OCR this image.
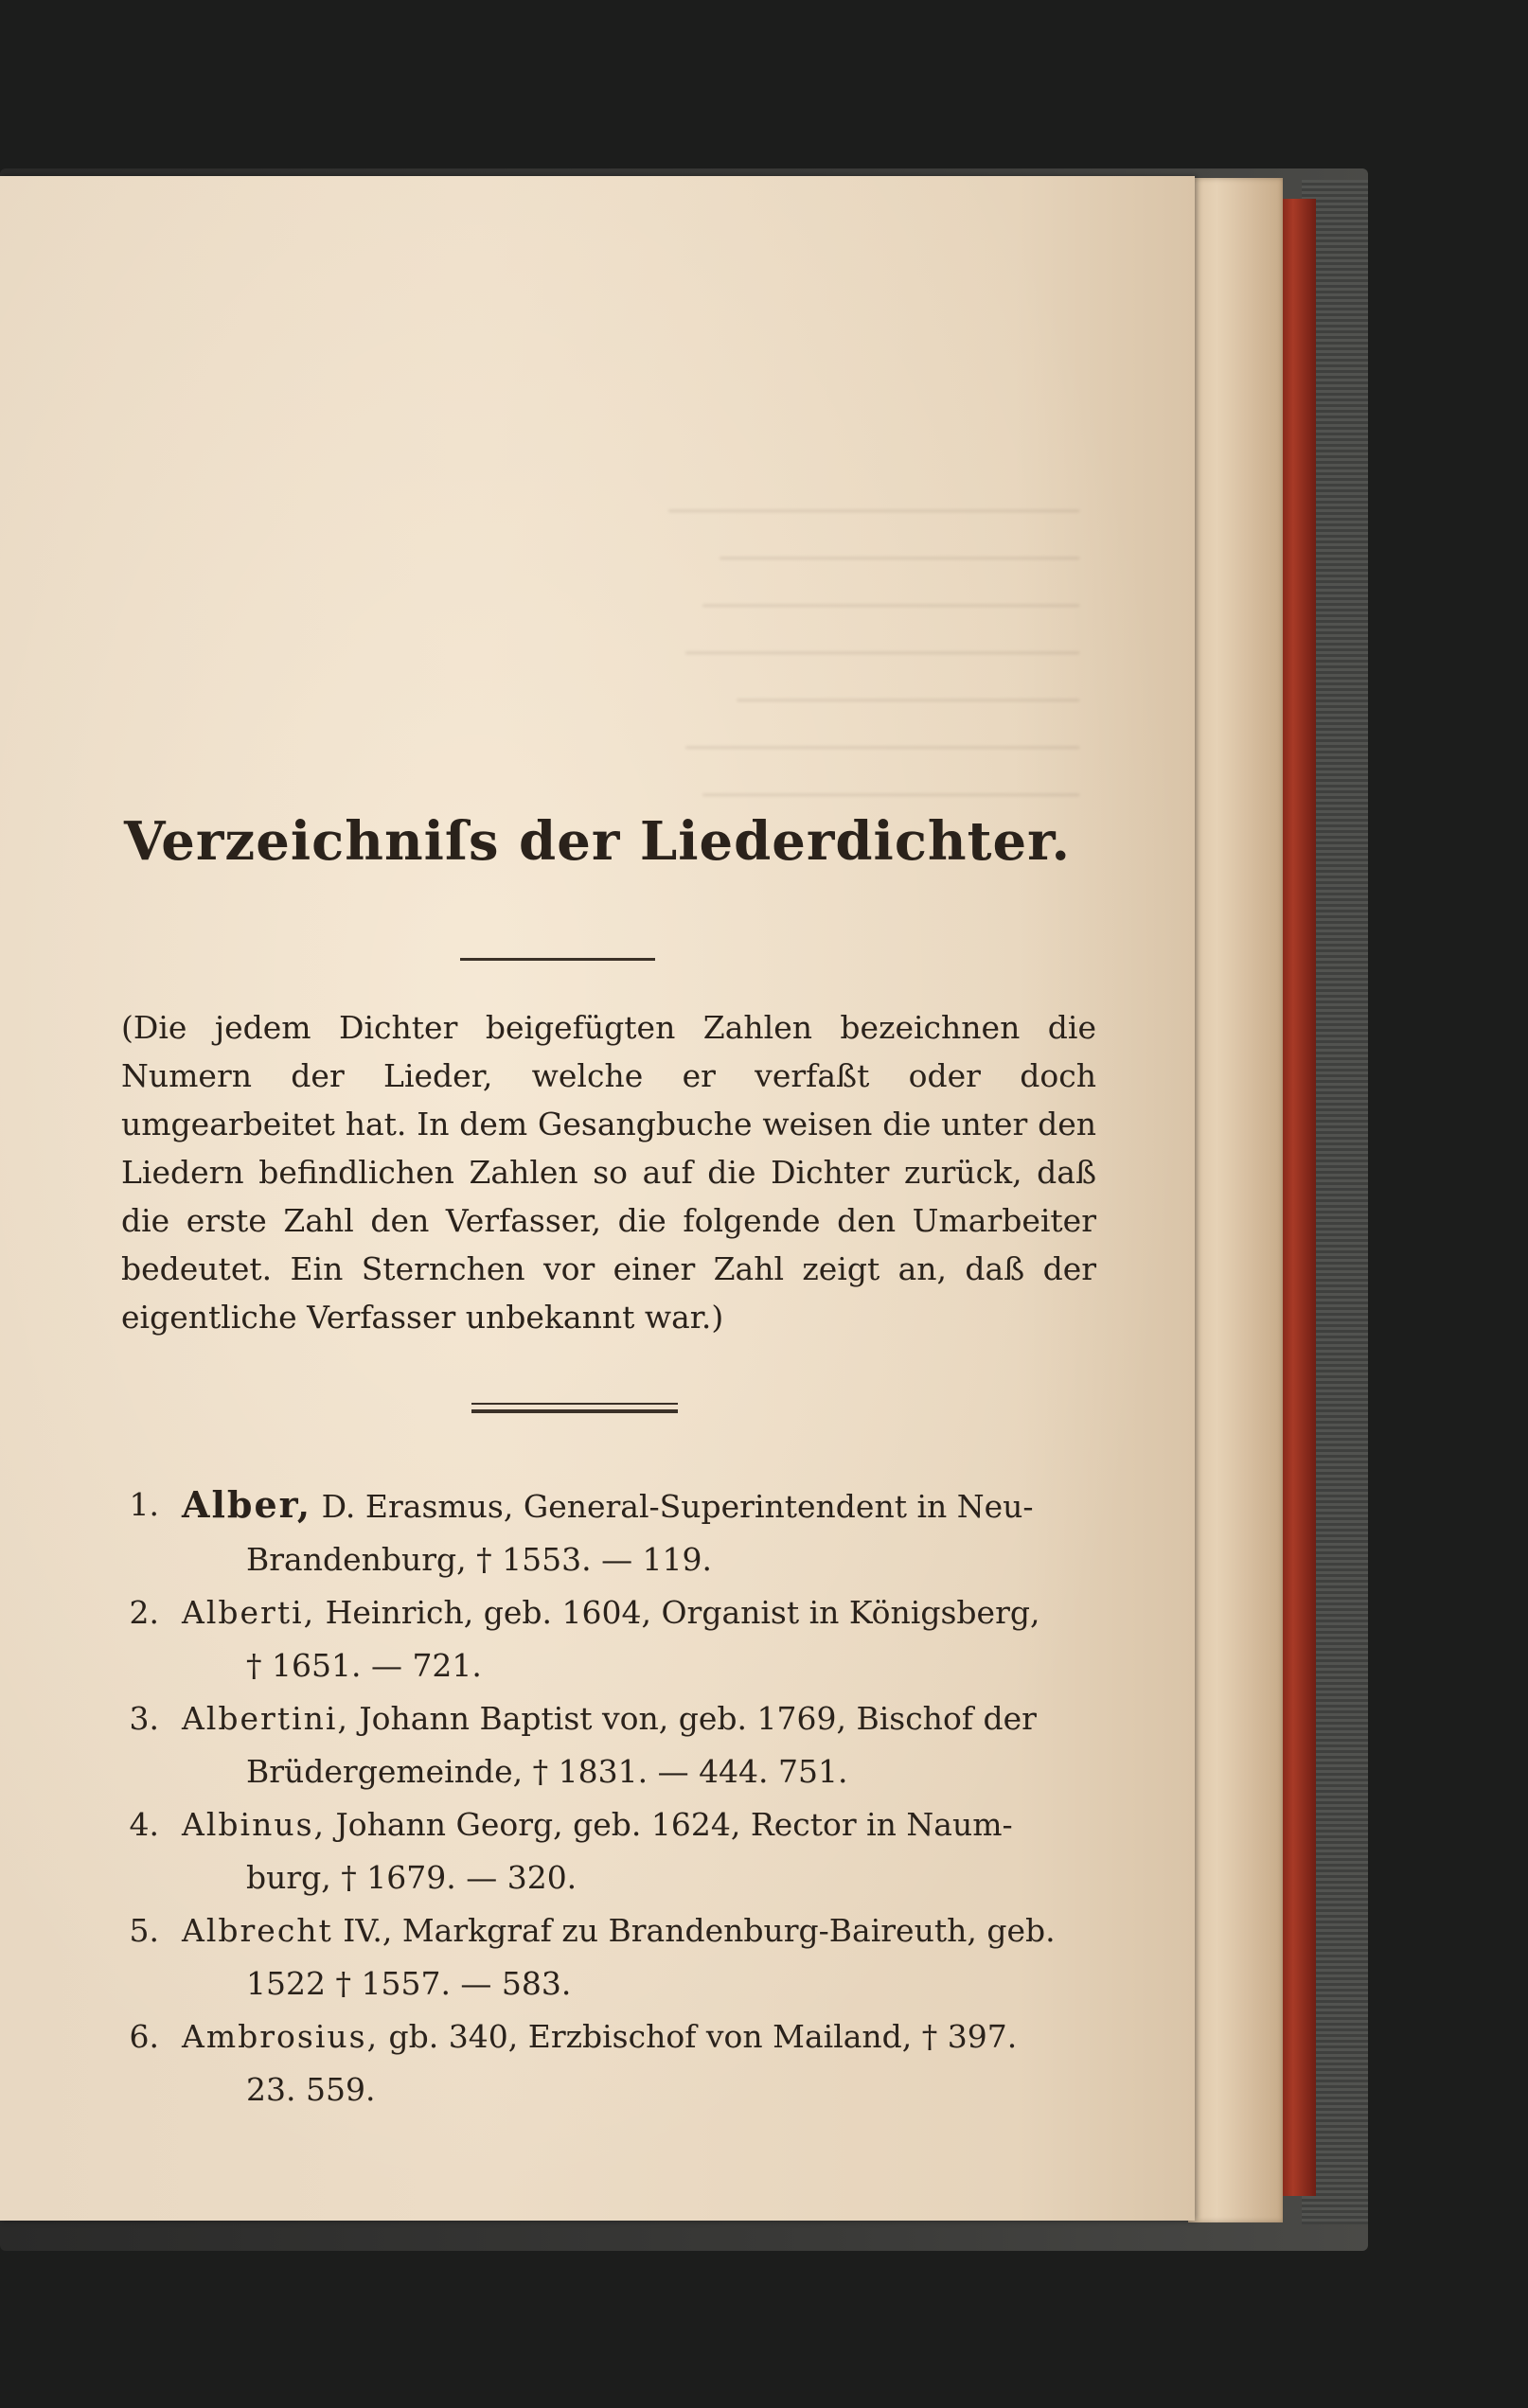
────────────────────────
─────────────────────
──────────────────────
───────────────────────
────────────────────
───────────────────────
──────────────────────
Verzeichniſs der Liederdichter.
(Die jedem Dichter beigefügten Zahlen bezeichnen die Numern der Lieder, welche er verfaßt oder doch umgearbeitet hat. In dem Gesangbuche weisen die unter den Liedern befindlichen Zahlen so auf die Dichter zurück, daß die erste Zahl den Verfasser, die folgende den Umarbeiter bedeutet. Ein Sternchen vor einer Zahl zeigt an, daß der eigentliche Verfasser unbekannt war.)
1. Alber, D. Erasmus, General-Superintendent in Neu-
Brandenburg, † 1553. — 119.
2. Alberti, Heinrich, geb. 1604, Organist in Königsberg,
† 1651. — 721.
3. Albertini, Johann Baptist von, geb. 1769, Bischof der
Brüdergemeinde, † 1831. — 444. 751.
4. Albinus, Johann Georg, geb. 1624, Rector in Naum-
burg, † 1679. — 320.
5. Albrecht IV., Markgraf zu Brandenburg-Baireuth, geb.
1522 † 1557. — 583.
6. Ambrosius, gb. 340, Erzbischof von Mailand, † 397.
23. 559.
